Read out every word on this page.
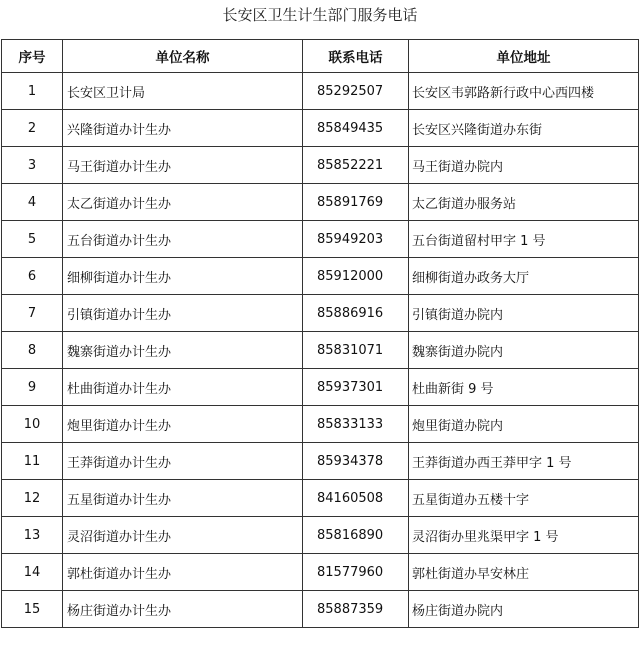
长安区卫生计生部门服务电话
序号	单位名称	联系电话	单位地址
1	长安区卫计局	85292507	长安区韦郭路新行政中心西四楼
2	兴隆街道办计生办	85849435	长安区兴隆街道办东街
3	马王街道办计生办	85852221	马王街道办院内
4	太乙街道办计生办	85891769	太乙街道办服务站
5	五台街道办计生办	85949203	五台街道留村甲字 1 号
6	细柳街道办计生办	85912000	细柳街道办政务大厅
7	引镇街道办计生办	85886916	引镇街道办院内
8	魏寨街道办计生办	85831071	魏寨街道办院内
9	杜曲街道办计生办	85937301	杜曲新街 9 号
10	炮里街道办计生办	85833133	炮里街道办院内
11	王莽街道办计生办	85934378	王莽街道办西王莽甲字 1 号
12	五星街道办计生办	84160508	五星街道办五楼十字
13	灵沼街道办计生办	85816890	灵沼街办里兆渠甲字 1 号
14	郭杜街道办计生办	81577960	郭杜街道办早安林庄
15	杨庄街道办计生办	85887359	杨庄街道办院内
